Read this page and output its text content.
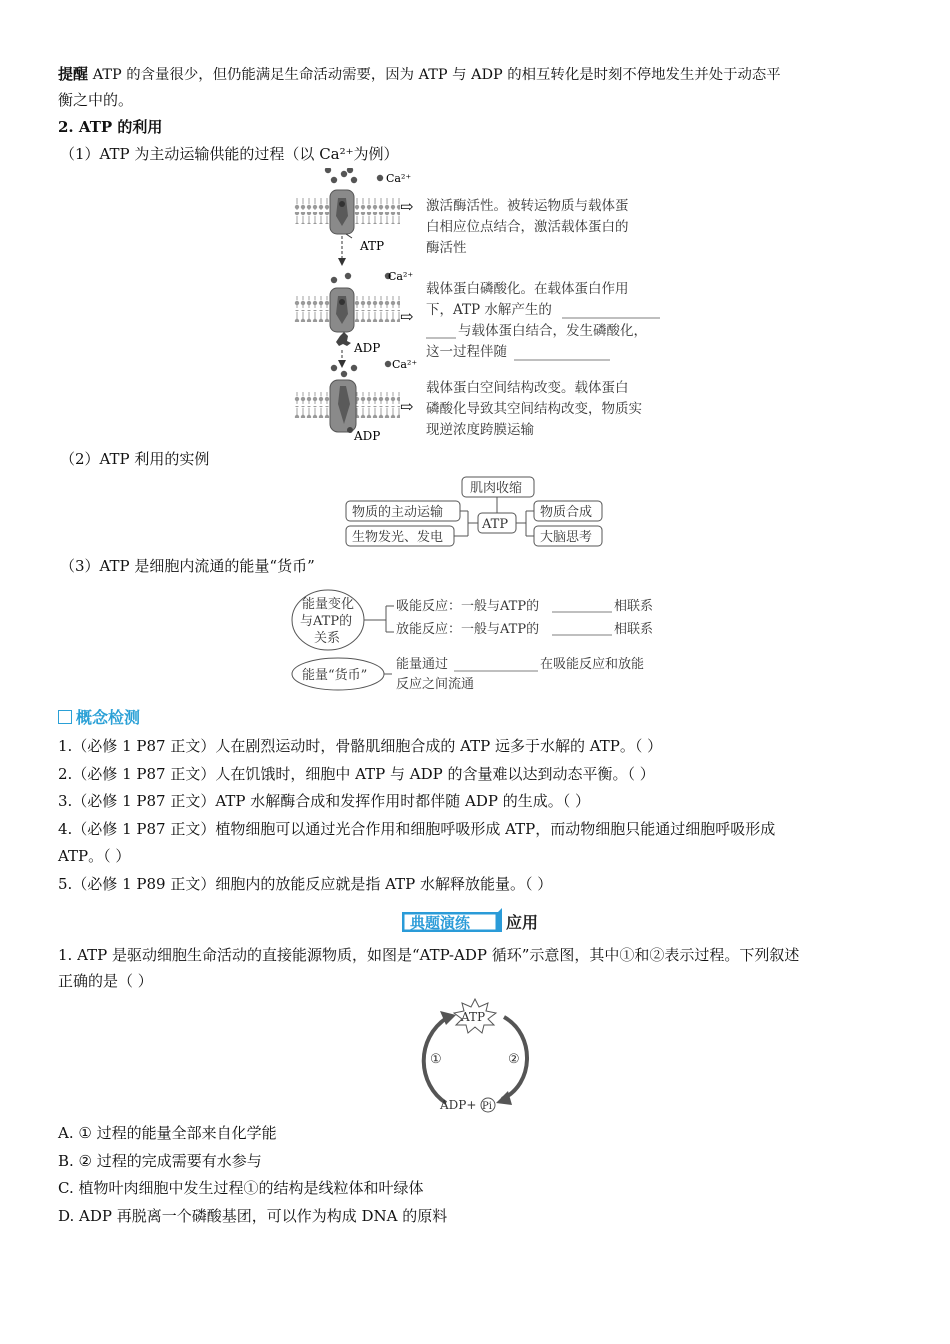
提醒 ATP 的含量很少，但仍能满足生命活动需要，因为 ATP 与 ADP 的相互转化是时刻不停地发生并处于动态平
衡之中的。
2. ATP 的利用
（1）ATP 为主动运输供能的过程（以 Ca²⁺为例）
Ca²⁺
ATP
⇨ 激活酶活性。被转运物质与载体蛋
白相应位点结合，激活载体蛋白的
酶活性
Ca²⁺
ADP
⇨
载体蛋白磷酸化。在载体蛋白作用
下，ATP 水解产生的
与载体蛋白结合，发生磷酸化，
这一过程伴随
Ca²⁺
ADP
⇨
载体蛋白空间结构改变。载体蛋白
磷酸化导致其空间结构改变，物质实
现逆浓度跨膜运输
（2）ATP 利用的实例
肌肉收缩
物质的主动运输
生物发光、发电
ATP
物质合成
大脑思考
（3）ATP 是细胞内流通的能量“货币”
能量变化
与ATP的
关系
吸能反应：一般与ATP的	相联系
放能反应：一般与ATP的	相联系
能量“货币”
能量通过	在吸能反应和放能
反应之间流通
概念检测
1.（必修 1 P87 正文）人在剧烈运动时，骨骼肌细胞合成的 ATP 远多于水解的 ATP。（ ）
2.（必修 1 P87 正文）人在饥饿时，细胞中 ATP 与 ADP 的含量难以达到动态平衡。（ ）
3.（必修 1 P87 正文）ATP 水解酶合成和发挥作用时都伴随 ADP 的生成。（ ）
4.（必修 1 P87 正文）植物细胞可以通过光合作用和细胞呼吸形成 ATP，而动物细胞只能通过细胞呼吸形成
ATP。（ ）
5.（必修 1 P89 正文）细胞内的放能反应就是指 ATP 水解释放能量。（ ）
典题演练 应用
1. ATP 是驱动细胞生命活动的直接能源物质，如图是“ATP-ADP 循环”示意图，其中①和②表示过程。下列叙述
正确的是（ ）
ATP
①	②
ADP+ Pi
A. ① 过程的能量全部来自化学能
B. ② 过程的完成需要有水参与
C. 植物叶肉细胞中发生过程①的结构是线粒体和叶绿体
D. ADP 再脱离一个磷酸基团，可以作为构成 DNA 的原料
